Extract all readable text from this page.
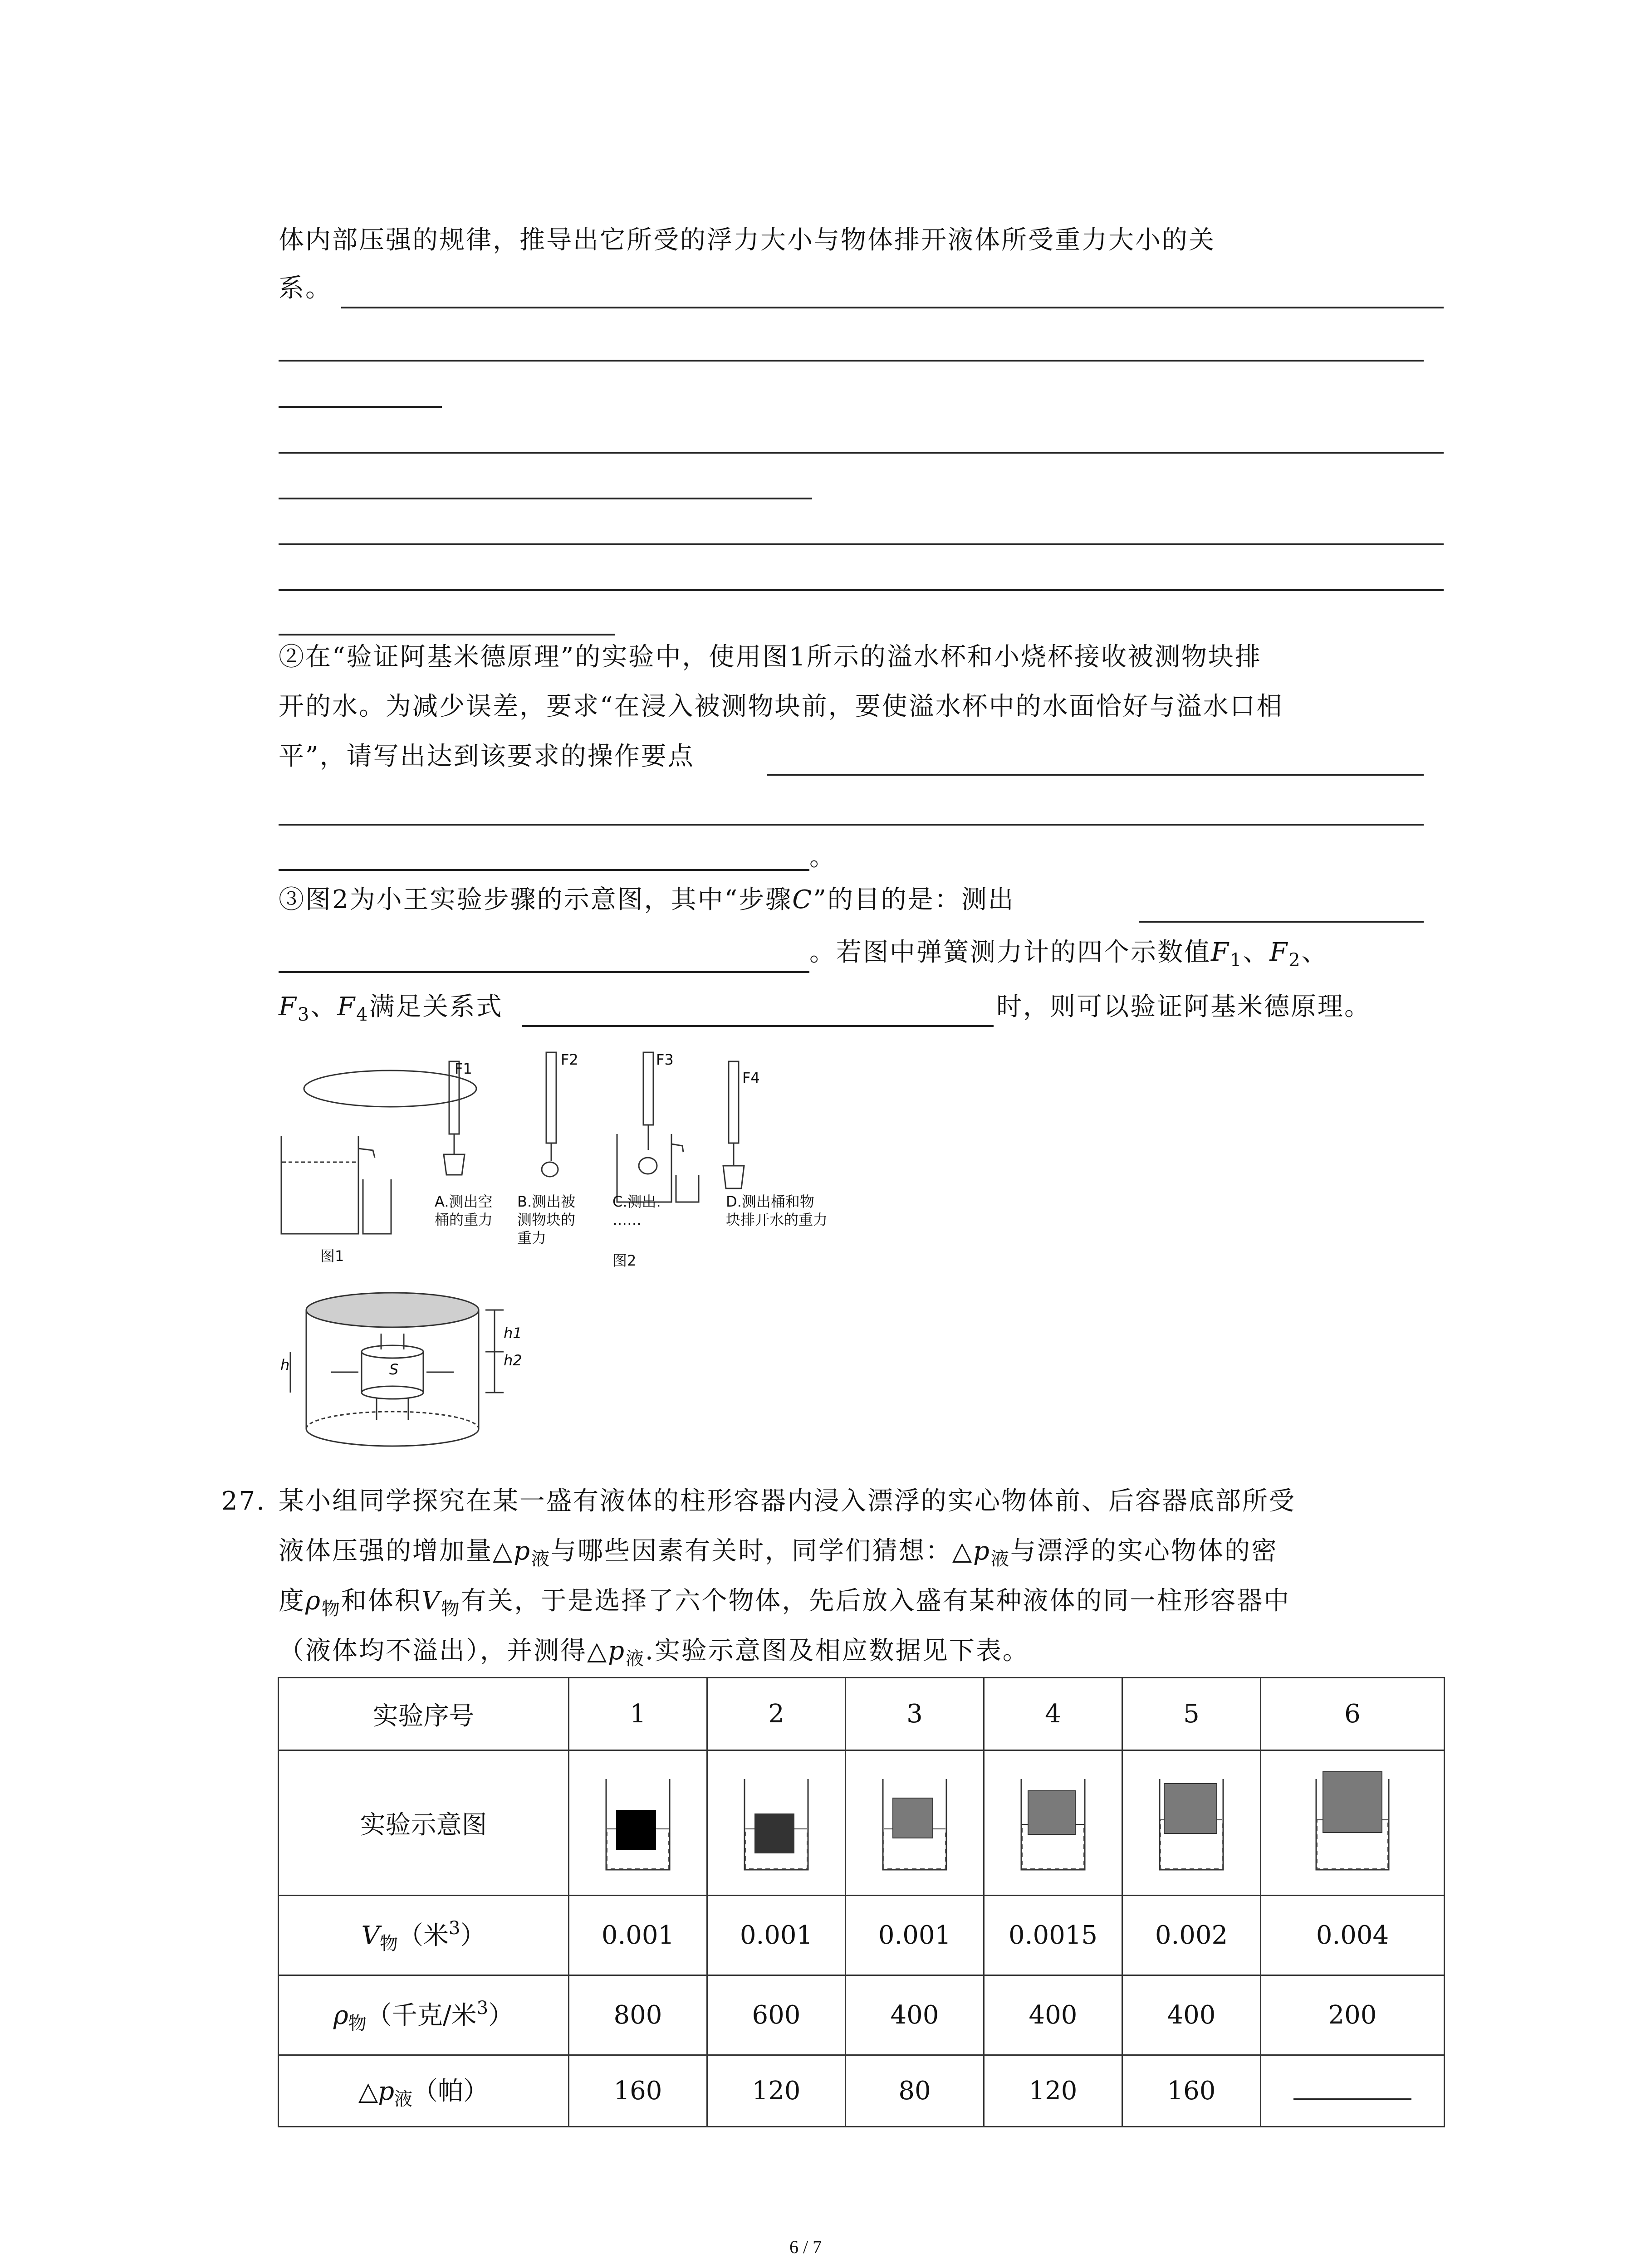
体内部压强的规律，推导出它所受的浮力大小与物体排开液体所受重力大小的关
系。
②在“验证阿基米德原理”的实验中，使用图1所示的溢水杯和小烧杯接收被测物块排
开的水。为减少误差，要求“在浸入被测物块前，要使溢水杯中的水面恰好与溢水口相
平”，请写出达到该要求的操作要点
。
③图2为小王实验步骤的示意图，其中“步骤C”的目的是：测出
。若图中弹簧测力计的四个示数值$F_1$、$F_2$、
$F_3$、$F_4$满足关系式	时，则可以验证阿基米德原理。
F1
F2	F3
F4
A.测出空
桶的重力
B.测出被
测物块的
重力
C.测出.
……
D.测出桶和物
块排开水的重力
图1	图2
S
h
h1
h2
27. 某小组同学探究在某一盛有液体的柱形容器内浸入漂浮的实心物体前、后容器底部所受
液体压强的增加量$\triangle p_液$与哪些因素有关时，同学们猜想：$\triangle p_液$与漂浮的实心物体的密
度$\rho_物$和体积$V_物$有关，于是选择了六个物体，先后放入盛有某种液体的同一柱形容器中
（液体均不溢出），并测得$\triangle p_液$.实验示意图及相应数据见下表。
实验序号	1	2	3	4	5	6
实验示意图						
$V_物$（米$^3$）	0.001	0.001	0.001	0.0015	0.002	0.004
$\rho_物$（千克/米$^3$）	800	600	400	400	400	200
$\triangle p_液$（帕）	160	120	80	120	160	
6 / 7
